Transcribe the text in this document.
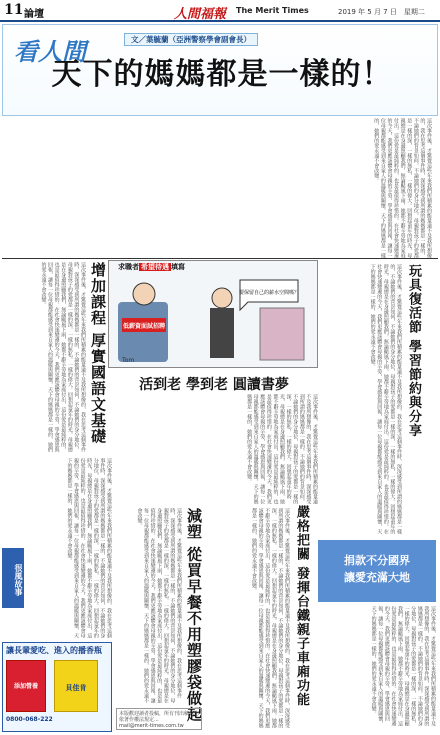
11 論壇	人間福報 The Merit Times	2019 年 5 月 7 日　星期二
看人間	文／葉毓蘭（亞洲警察學會副會長）
天下的媽媽都是一樣的！
這次事件後，才驚覺這些年來我們所積累的能量遠不及我所想像的，我在思考這個事件時，深深感受到所謂的媽媽都是一樣的，不論她們的背景如何，不論她們的身分地位，母親對孩子的愛都是一樣的深，一樣的無私，一樣的偉大。回想起童年的時光，母親總是在身邊照顧我們，無論颳風下雨，她都不辭辛勞地為家庭付出，這份愛是最純粹的，也是最值得珍惜的。在社會快速變遷的今天，我們更應該體會母親的辛勞，學會感恩與回報，讓每一位母親都能感受到來自家人的溫暖與關懷，天下的媽媽都是一樣的，她們的愛永遠不會改變。
玩具復活節 學習節約與分享
這次事件後，才驚覺這些年來我們所積累的能量遠不及我所想像的，我在思考這個事件時，深深感受到所謂的媽媽都是一樣的，不論她們的背景如何，不論她們的身分地位，母親對孩子的愛都是一樣的深，一樣的無私，一樣的偉大。回想起童年的時光，母親總是在身邊照顧我們，無論颳風下雨，她都不辭辛勞地為家庭付出，這份愛是最純粹的，也是最值得珍惜的。在社會快速變遷的今天，我們更應該體會母親的辛勞，學會感恩與回報，讓每一位母親都能感受到來自家人的溫暖與關懷，天下的媽媽都是一樣的，她們的愛永遠不會改變。
求職者 希望待遇 填寫
低薪資面試招聘
要保留自己的薪水空間嗎？
Tom
增加課程 厚實國語文基礎
這次事件後，才驚覺這些年來我們所積累的能量遠不及我所想像的，我在思考這個事件時，深深感受到所謂的媽媽都是一樣的，不論她們的背景如何，不論她們的身分地位，母親對孩子的愛都是一樣的深，一樣的無私，一樣的偉大。回想起童年的時光，母親總是在身邊照顧我們，無論颳風下雨，她都不辭辛勞地為家庭付出，這份愛是最純粹的，也是最值得珍惜的。在社會快速變遷的今天，我們更應該體會母親的辛勞，學會感恩與回報，讓每一位母親都能感受到來自家人的溫暖與關懷，天下的媽媽都是一樣的，她們的愛永遠不會改變。
活到老 學到老 圓讀書夢
這次事件後，才驚覺這些年來我們所積累的能量遠不及我所想像的，我在思考這個事件時，深深感受到所謂的媽媽都是一樣的，不論她們的背景如何，不論她們的身分地位，母親對孩子的愛都是一樣的深，一樣的無私，一樣的偉大。回想起童年的時光，母親總是在身邊照顧我們，無論颳風下雨，她都不辭辛勞地為家庭付出，這份愛是最純粹的，也是最值得珍惜的。在社會快速變遷的今天，我們更應該體會母親的辛勞，學會感恩與回報，讓每一位母親都能感受到來自家人的溫暖與關懷，天下的媽媽都是一樣的，她們的愛永遠不會改變。
嚴格把關 發揮台鐵親子車廂功能
這次事件後，才驚覺這些年來我們所積累的能量遠不及我所想像的，我在思考這個事件時，深深感受到所謂的媽媽都是一樣的，不論她們的背景如何，不論她們的身分地位，母親對孩子的愛都是一樣的深，一樣的無私，一樣的偉大。回想起童年的時光，母親總是在身邊照顧我們，無論颳風下雨，她都不辭辛勞地為家庭付出，這份愛是最純粹的，也是最值得珍惜的。在社會快速變遷的今天，我們更應該體會母親的辛勞，學會感恩與回報，讓每一位母親都能感受到來自家人的溫暖與關懷，天下的媽媽都是一樣的，她們的愛永遠不會改變。
減塑 從買早餐不用塑膠袋做起
這次事件後，才驚覺這些年來我們所積累的能量遠不及我所想像的，我在思考這個事件時，深深感受到所謂的媽媽都是一樣的，不論她們的背景如何，不論她們的身分地位，母親對孩子的愛都是一樣的深，一樣的無私，一樣的偉大。回想起童年的時光，母親總是在身邊照顧我們，無論颳風下雨，她都不辭辛勞地為家庭付出，這份愛是最純粹的，也是最值得珍惜的。在社會快速變遷的今天，我們更應該體會母親的辛勞，學會感恩與回報，讓每一位母親都能感受到來自家人的溫暖與關懷，天下的媽媽都是一樣的，她們的愛永遠不會改變。
這次事件後，才驚覺這些年來我們所積累的能量遠不及我所想像的，我在思考這個事件時，深深感受到所謂的媽媽都是一樣的，不論她們的背景如何，不論她們的身分地位，母親對孩子的愛都是一樣的深，一樣的無私，一樣的偉大。回想起童年的時光，母親總是在身邊照顧我們，無論颳風下雨，她都不辭辛勞地為家庭付出，這份愛是最純粹的，也是最值得珍惜的。在社會快速變遷的今天，我們更應該體會母親的辛勞，學會感恩與回報，讓每一位母親都能感受到來自家人的溫暖與關懷，天下的媽媽都是一樣的，她們的愛永遠不會改變。	捐款不分國界
讓愛充滿大地
這次事件後，才驚覺這些年來我們所積累的能量遠不及我所想像的，我在思考這個事件時，深深感受到所謂的媽媽都是一樣的，不論她們的背景如何，不論她們的身分地位，母親對孩子的愛都是一樣的深，一樣的無私，一樣的偉大。回想起童年的時光，母親總是在身邊照顧我們，無論颳風下雨，她都不辭辛勞地為家庭付出，這份愛是最純粹的，也是最值得珍惜的。在社會快速變遷的今天，我們更應該體會母親的辛勞，學會感恩與回報，讓每一位母親都能感受到來自家人的溫暖與關懷，天下的媽媽都是一樣的，她們的愛永遠不會改變。
很風故事
讓長輩愛吃、進入的播香瓶
添加營養	貝佳肯
0800-068-222
本版歡迎讀者投稿，所有刊出稿件均依著作權法規定...
mail@merit-times.com.tw
